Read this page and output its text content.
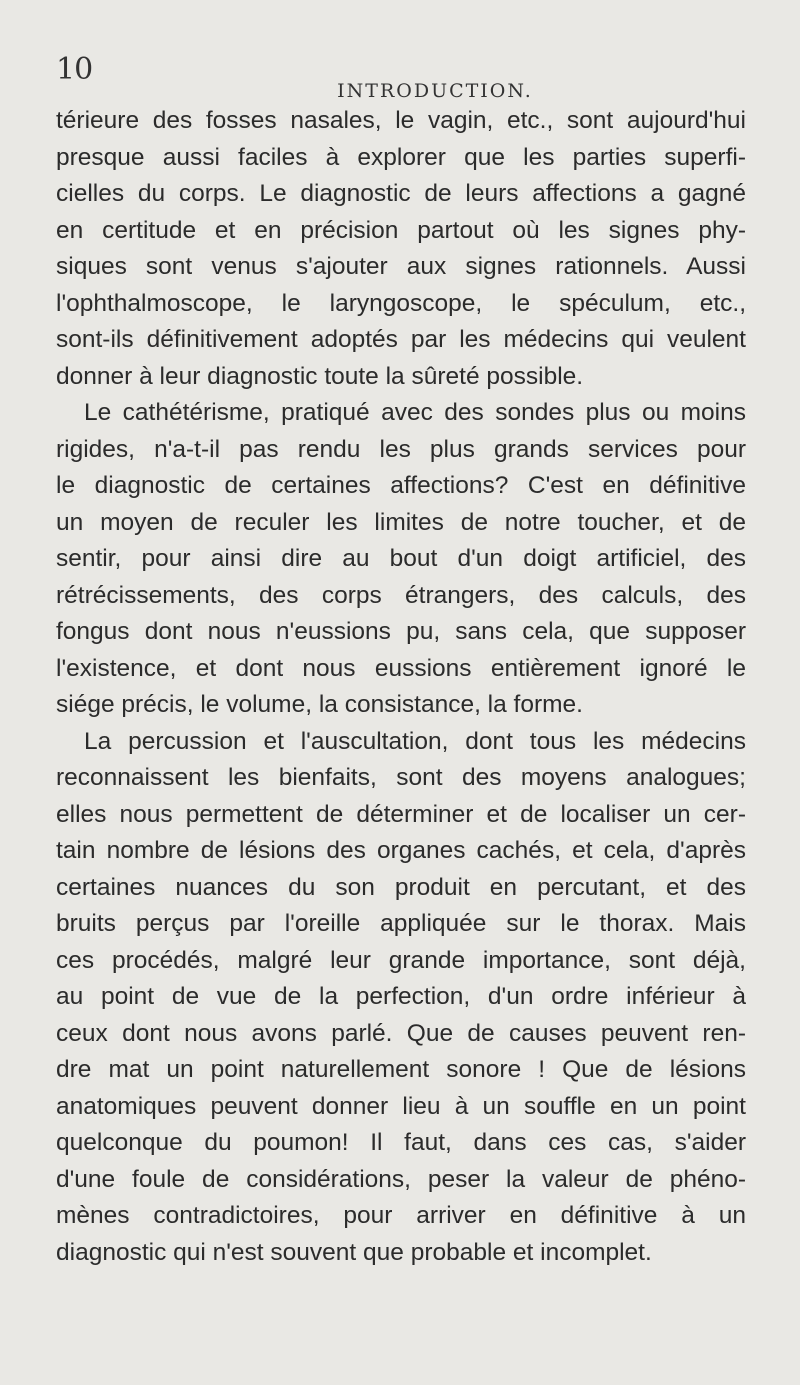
10
INTRODUCTION.
térieure des fosses nasales, le vagin, etc., sont aujourd'hui
presque aussi faciles à explorer que les parties superfi-
cielles du corps. Le diagnostic de leurs affections a gagné
en certitude et en précision partout où les signes phy-
siques sont venus s'ajouter aux signes rationnels. Aussi
l'ophthalmoscope, le laryngoscope, le spéculum, etc.,
sont-ils définitivement adoptés par les médecins qui veulent
donner à leur diagnostic toute la sûreté possible.
Le cathétérisme, pratiqué avec des sondes plus ou moins
rigides, n'a-t-il pas rendu les plus grands services pour
le diagnostic de certaines affections? C'est en définitive
un moyen de reculer les limites de notre toucher, et de
sentir, pour ainsi dire au bout d'un doigt artificiel, des
rétrécissements, des corps étrangers, des calculs, des
fongus dont nous n'eussions pu, sans cela, que supposer
l'existence, et dont nous eussions entièrement ignoré le
siége précis, le volume, la consistance, la forme.
La percussion et l'auscultation, dont tous les médecins
reconnaissent les bienfaits, sont des moyens analogues;
elles nous permettent de déterminer et de localiser un cer-
tain nombre de lésions des organes cachés, et cela, d'après
certaines nuances du son produit en percutant, et des
bruits perçus par l'oreille appliquée sur le thorax. Mais
ces procédés, malgré leur grande importance, sont déjà,
au point de vue de la perfection, d'un ordre inférieur à
ceux dont nous avons parlé. Que de causes peuvent ren-
dre mat un point naturellement sonore ! Que de lésions
anatomiques peuvent donner lieu à un souffle en un point
quelconque du poumon! Il faut, dans ces cas, s'aider
d'une foule de considérations, peser la valeur de phéno-
mènes contradictoires, pour arriver en définitive à un
diagnostic qui n'est souvent que probable et incomplet.
